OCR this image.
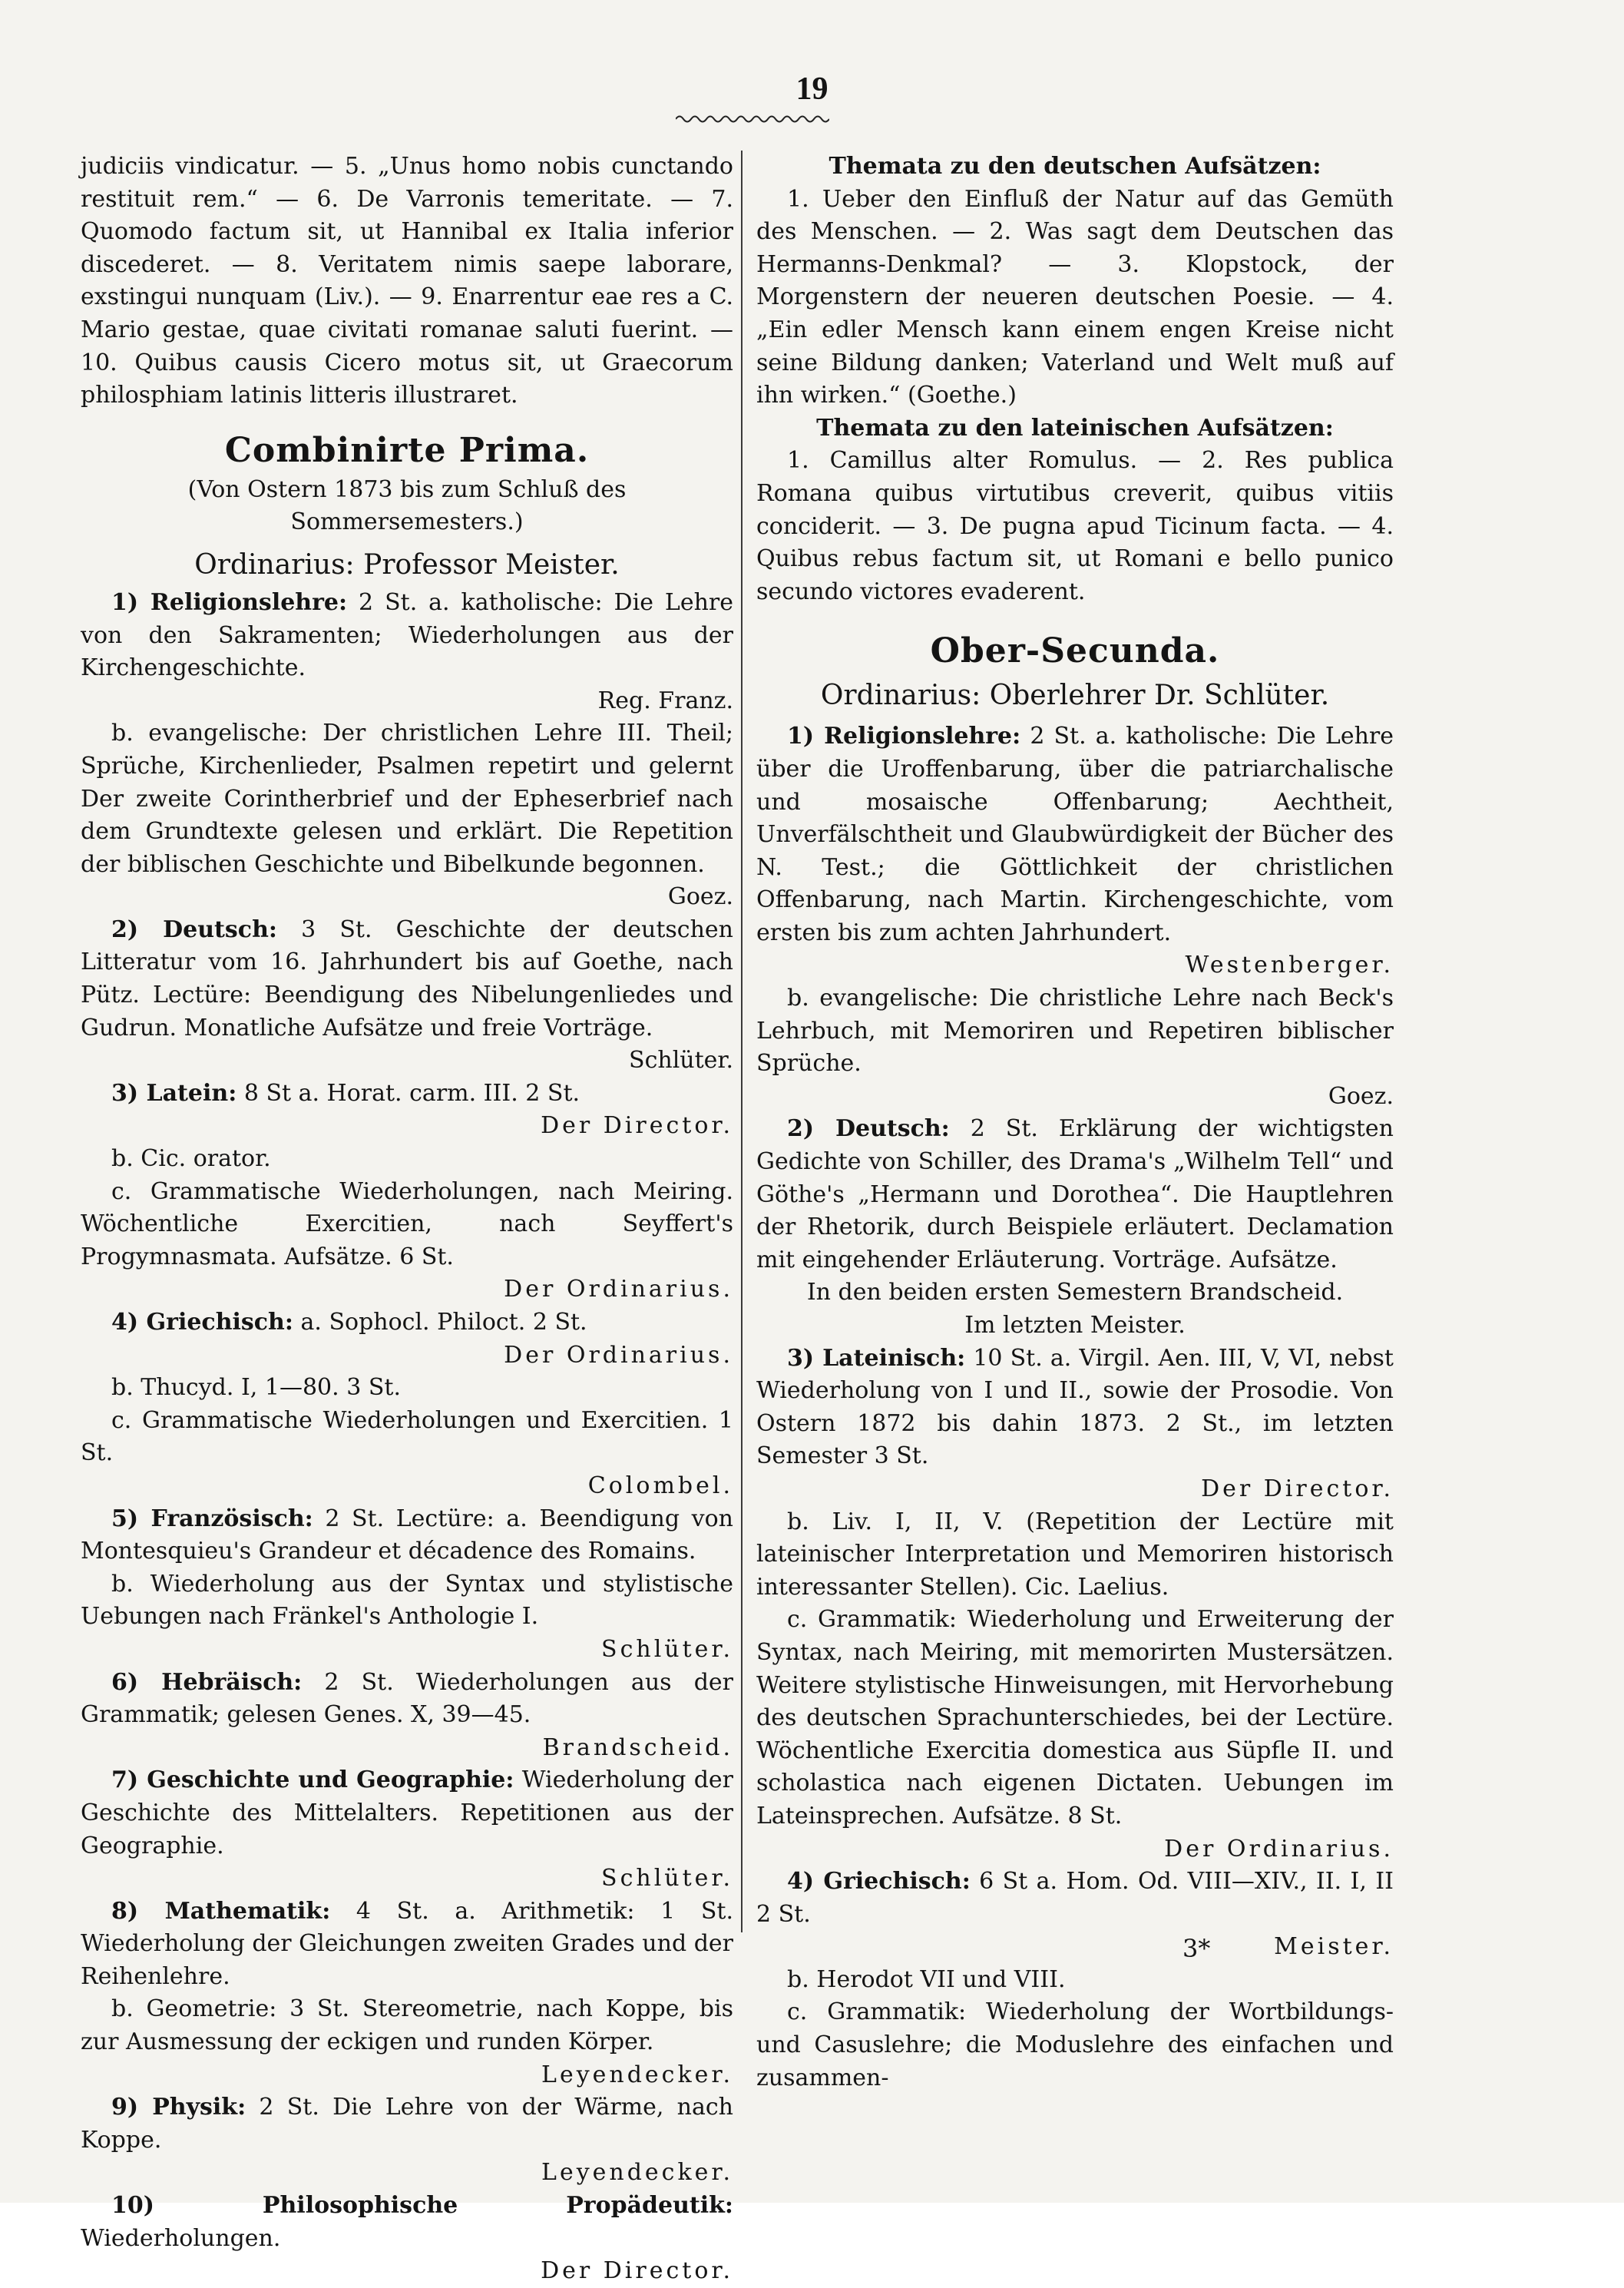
19

judiciis vindicatur. — 5. „Unus homo nobis cunctando restituit rem.“ — 6. De Varronis temeritate. — 7. Quomodo factum sit, ut Hannibal ex Italia inferior discederet. — 8. Veritatem nimis saepe laborare, exstingui nunquam (Liv.). — 9. Enarrentur eae res a C. Mario gestae, quae civitati romanae saluti fuerint. — 10. Quibus causis Cicero motus sit, ut Graecorum philosphiam latinis litteris illustraret.

Combinirte Prima.

(Von Ostern 1873 bis zum Schluß des Sommersemesters.)

Ordinarius: Professor Meister.

1) Religionslehre: 2 St. a. katholische: Die Lehre von den Sakramenten; Wiederholungen aus der Kirchengeschichte.

Reg. Franz.

b. evangelische: Der christlichen Lehre III. Theil; Sprüche, Kirchenlieder, Psalmen repetirt und gelernt Der zweite Corintherbrief und der Epheserbrief nach dem Grundtexte gelesen und erklärt. Die Repetition der biblischen Geschichte und Bibelkunde begonnen.

Goez.

2) Deutsch: 3 St. Geschichte der deutschen Litteratur vom 16. Jahrhundert bis auf Goethe, nach Pütz. Lectüre: Beendigung des Nibelungenliedes und Gudrun. Monatliche Aufsätze und freie Vorträge.

Schlüter.

3) Latein: 8 St a. Horat. carm. III. 2 St.

Der Director.

b. Cic. orator.

c. Grammatische Wiederholungen, nach Meiring. Wöchentliche Exercitien, nach Seyffert's Progymnasmata. Aufsätze. 6 St.

Der Ordinarius.

4) Griechisch: a. Sophocl. Philoct. 2 St.

Der Ordinarius.

b. Thucyd. I, 1—80. 3 St.

c. Grammatische Wiederholungen und Exercitien. 1 St.

Colombel.

5) Französisch: 2 St. Lectüre: a. Beendigung von Montesquieu's Grandeur et décadence des Romains.

b. Wiederholung aus der Syntax und stylistische Uebungen nach Fränkel's Anthologie I.

Schlüter.

6) Hebräisch: 2 St. Wiederholungen aus der Grammatik; gelesen Genes. X, 39—45.

Brandscheid.

7) Geschichte und Geographie: Wiederholung der Geschichte des Mittelalters. Repetitionen aus der Geographie.

Schlüter.

8) Mathematik: 4 St. a. Arithmetik: 1 St. Wiederholung der Gleichungen zweiten Grades und der Reihenlehre.

b. Geometrie: 3 St. Stereometrie, nach Koppe, bis zur Ausmessung der eckigen und runden Körper.

Leyendecker.

9) Physik: 2 St. Die Lehre von der Wärme, nach Koppe.

Leyendecker.

10) Philosophische Propädeutik: Wiederholungen.

Der Director.

Themata zu den deutschen Aufsätzen:

1. Ueber den Einfluß der Natur auf das Gemüth des Menschen. — 2. Was sagt dem Deutschen das Hermanns-Denkmal? — 3. Klopstock, der Morgenstern der neueren deutschen Poesie. — 4. „Ein edler Mensch kann einem engen Kreise nicht seine Bildung danken; Vaterland und Welt muß auf ihn wirken.“ (Goethe.)

Themata zu den lateinischen Aufsätzen:

1. Camillus alter Romulus. — 2. Res publica Romana quibus virtutibus creverit, quibus vitiis conciderit. — 3. De pugna apud Ticinum facta. — 4. Quibus rebus factum sit, ut Romani e bello punico secundo victores evaderent.

Ober-Secunda.

Ordinarius: Oberlehrer Dr. Schlüter.

1) Religionslehre: 2 St. a. katholische: Die Lehre über die Uroffenbarung, über die patriarchalische und mosaische Offenbarung; Aechtheit, Unverfälschtheit und Glaubwürdigkeit der Bücher des N. Test.; die Göttlichkeit der christlichen Offenbarung, nach Martin. Kirchengeschichte, vom ersten bis zum achten Jahrhundert.

Westenberger.

b. evangelische: Die christliche Lehre nach Beck's Lehrbuch, mit Memoriren und Repetiren biblischer Sprüche.

Goez.

2) Deutsch: 2 St. Erklärung der wichtigsten Gedichte von Schiller, des Drama's „Wilhelm Tell“ und Göthe's „Hermann und Dorothea“. Die Hauptlehren der Rhetorik, durch Beispiele erläutert. Declamation mit eingehender Erläuterung. Vorträge. Aufsätze.

In den beiden ersten Semestern Brandscheid.

Im letzten Meister.

3) Lateinisch: 10 St. a. Virgil. Aen. III, V, VI, nebst Wiederholung von I und II., sowie der Prosodie. Von Ostern 1872 bis dahin 1873. 2 St., im letzten Semester 3 St.

Der Director.

b. Liv. I, II, V. (Repetition der Lectüre mit lateinischer Interpretation und Memoriren historisch interessanter Stellen). Cic. Laelius.

c. Grammatik: Wiederholung und Erweiterung der Syntax, nach Meiring, mit memorirten Mustersätzen. Weitere stylistische Hinweisungen, mit Hervorhebung des deutschen Sprachunterschiedes, bei der Lectüre. Wöchentliche Exercitia domestica aus Süpfle II. und scholastica nach eigenen Dictaten. Uebungen im Lateinsprechen. Aufsätze. 8 St.

Der Ordinarius.

4) Griechisch: 6 St a. Hom. Od. VIII—XIV., II. I, II 2 St.

Meister.

b. Herodot VII und VIII.

c. Grammatik: Wiederholung der Wortbildungs- und Casuslehre; die Moduslehre des einfachen und zusammen-

3*
